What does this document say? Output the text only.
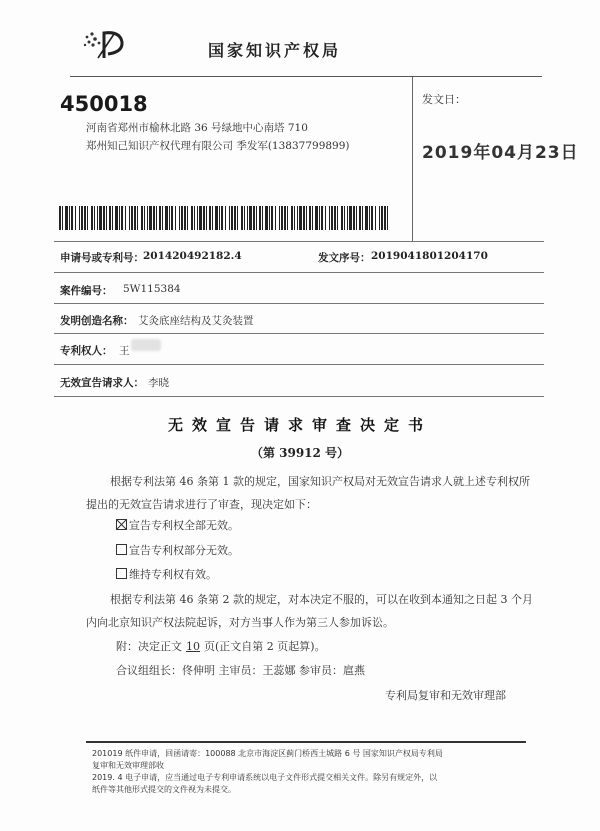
国家知识产权局
450018
河南省郑州市榆林北路 36 号绿地中心南塔 710
郑州知己知识产权代理有限公司 季发军(13837799899)
发文日：
2019年04月23日
申请号或专利号： 201420492182.4	发文序号： 2019041801204170
案件编号： 5W115384
发明创造名称： 艾灸底座结构及艾灸装置
专利权人： 王
无效宣告请求人： 李晓
无效宣告请求审查决定书
（第 39912 号）
根据专利法第 46 条第 1 款的规定，国家知识产权局对无效宣告请求人就上述专利权所
提出的无效宣告请求进行了审查，现决定如下：
宣告专利权全部无效。
宣告专利权部分无效。
维持专利权有效。
根据专利法第 46 条第 2 款的规定，对本决定不服的，可以在收到本通知之日起 3 个月
内向北京知识产权法院起诉，对方当事人作为第三人参加诉讼。
附：决定正文 10 页(正文自第 2 页起算)。
合议组组长：佟伸明 主审员：王蕊娜 参审员：扈燕
专利局复审和无效审理部
201019 纸件申请，回函请寄：100088 北京市海淀区蓟门桥西土城路 6 号 国家知识产权局专利局
复审和无效审理部收
2019. 4 电子申请，应当通过电子专利申请系统以电子文件形式提交相关文件。除另有规定外，以
纸件等其他形式提交的文件视为未提交。
